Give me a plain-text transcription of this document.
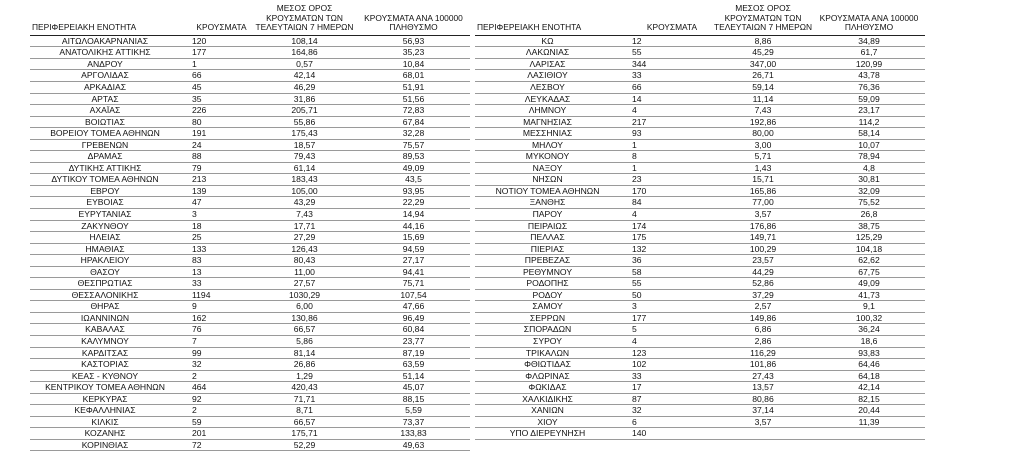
ΠΕΡΙΦΕΡΕΙΑΚΗ ΕΝΟΤΗΤΑ	ΚΡΟΥΣΜΑΤΑ	ΜΕΣΟΣ ΟΡΟΣ
ΚΡΟΥΣΜΑΤΩΝ ΤΩΝ
ΤΕΛΕΥΤΑΙΩΝ 7 ΗΜΕΡΩΝ	ΚΡΟΥΣΜΑΤΑ ΑΝΑ 100000
ΠΛΗΘΥΣΜΟ

ΑΙΤΩΛΟΑΚΑΡΝΑΝΙΑΣ	120	108,14	56,93
ΑΝΑΤΟΛΙΚΗΣ ΑΤΤΙΚΗΣ	177	164,86	35,23
ΑΝΔΡΟΥ	1	0,57	10,84
ΑΡΓΟΛΙΔΑΣ	66	42,14	68,01
ΑΡΚΑΔΙΑΣ	45	46,29	51,91
ΑΡΤΑΣ	35	31,86	51,56
ΑΧΑΪΑΣ	226	205,71	72,83
ΒΟΙΩΤΙΑΣ	80	55,86	67,84
ΒΟΡΕΙΟΥ ΤΟΜΕΑ ΑΘΗΝΩΝ	191	175,43	32,28
ΓΡΕΒΕΝΩΝ	24	18,57	75,57
ΔΡΑΜΑΣ	88	79,43	89,53
ΔΥΤΙΚΗΣ ΑΤΤΙΚΗΣ	79	61,14	49,09
ΔΥΤΙΚΟΥ ΤΟΜΕΑ ΑΘΗΝΩΝ	213	183,43	43,5
ΕΒΡΟΥ	139	105,00	93,95
ΕΥΒΟΙΑΣ	47	43,29	22,29
ΕΥΡΥΤΑΝΙΑΣ	3	7,43	14,94
ΖΑΚΥΝΘΟΥ	18	17,71	44,16
ΗΛΕΙΑΣ	25	27,29	15,69
ΗΜΑΘΙΑΣ	133	126,43	94,59
ΗΡΑΚΛΕΙΟΥ	83	80,43	27,17
ΘΑΣΟΥ	13	11,00	94,41
ΘΕΣΠΡΩΤΙΑΣ	33	27,57	75,71
ΘΕΣΣΑΛΟΝΙΚΗΣ	1194	1030,29	107,54
ΘΗΡΑΣ	9	6,00	47,66
ΙΩΑΝΝΙΝΩΝ	162	130,86	96,49
ΚΑΒΑΛΑΣ	76	66,57	60,84
ΚΑΛΥΜΝΟΥ	7	5,86	23,77
ΚΑΡΔΙΤΣΑΣ	99	81,14	87,19
ΚΑΣΤΟΡΙΑΣ	32	26,86	63,59
ΚΕΑΣ - ΚΥΘΝΟΥ	2	1,29	51,14
ΚΕΝΤΡΙΚΟΥ ΤΟΜΕΑ ΑΘΗΝΩΝ	464	420,43	45,07
ΚΕΡΚΥΡΑΣ	92	71,71	88,15
ΚΕΦΑΛΛΗΝΙΑΣ	2	8,71	5,59
ΚΙΛΚΙΣ	59	66,57	73,37
ΚΟΖΑΝΗΣ	201	175,71	133,83
ΚΟΡΙΝΘΙΑΣ	72	52,29	49,63
ΠΕΡΙΦΕΡΕΙΑΚΗ ΕΝΟΤΗΤΑ	ΚΡΟΥΣΜΑΤΑ	ΜΕΣΟΣ ΟΡΟΣ
ΚΡΟΥΣΜΑΤΩΝ ΤΩΝ
ΤΕΛΕΥΤΑΙΩΝ 7 ΗΜΕΡΩΝ	ΚΡΟΥΣΜΑΤΑ ΑΝΑ 100000
ΠΛΗΘΥΣΜΟ

ΚΩ	12	8,86	34,89
ΛΑΚΩΝΙΑΣ	55	45,29	61,7
ΛΑΡΙΣΑΣ	344	347,00	120,99
ΛΑΣΙΘΙΟΥ	33	26,71	43,78
ΛΕΣΒΟΥ	66	59,14	76,36
ΛΕΥΚΑΔΑΣ	14	11,14	59,09
ΛΗΜΝΟΥ	4	7,43	23,17
ΜΑΓΝΗΣΙΑΣ	217	192,86	114,2
ΜΕΣΣΗΝΙΑΣ	93	80,00	58,14
ΜΗΛΟΥ	1	3,00	10,07
ΜΥΚΟΝΟΥ	8	5,71	78,94
ΝΑΞΟΥ	1	1,43	4,8
ΝΗΣΩΝ	23	15,71	30,81
ΝΟΤΙΟΥ ΤΟΜΕΑ ΑΘΗΝΩΝ	170	165,86	32,09
ΞΑΝΘΗΣ	84	77,00	75,52
ΠΑΡΟΥ	4	3,57	26,8
ΠΕΙΡΑΙΩΣ	174	176,86	38,75
ΠΕΛΛΑΣ	175	149,71	125,29
ΠΙΕΡΙΑΣ	132	100,29	104,18
ΠΡΕΒΕΖΑΣ	36	23,57	62,62
ΡΕΘΥΜΝΟΥ	58	44,29	67,75
ΡΟΔΟΠΗΣ	55	52,86	49,09
ΡΟΔΟΥ	50	37,29	41,73
ΣΑΜΟΥ	3	2,57	9,1
ΣΕΡΡΩΝ	177	149,86	100,32
ΣΠΟΡΑΔΩΝ	5	6,86	36,24
ΣΥΡΟΥ	4	2,86	18,6
ΤΡΙΚΑΛΩΝ	123	116,29	93,83
ΦΘΙΩΤΙΔΑΣ	102	101,86	64,46
ΦΛΩΡΙΝΑΣ	33	27,43	64,18
ΦΩΚΙΔΑΣ	17	13,57	42,14
ΧΑΛΚΙΔΙΚΗΣ	87	80,86	82,15
ΧΑΝΙΩΝ	32	37,14	20,44
ΧΙΟΥ	6	3,57	11,39
ΥΠΟ ΔΙΕΡΕΥΝΗΣΗ	140		
